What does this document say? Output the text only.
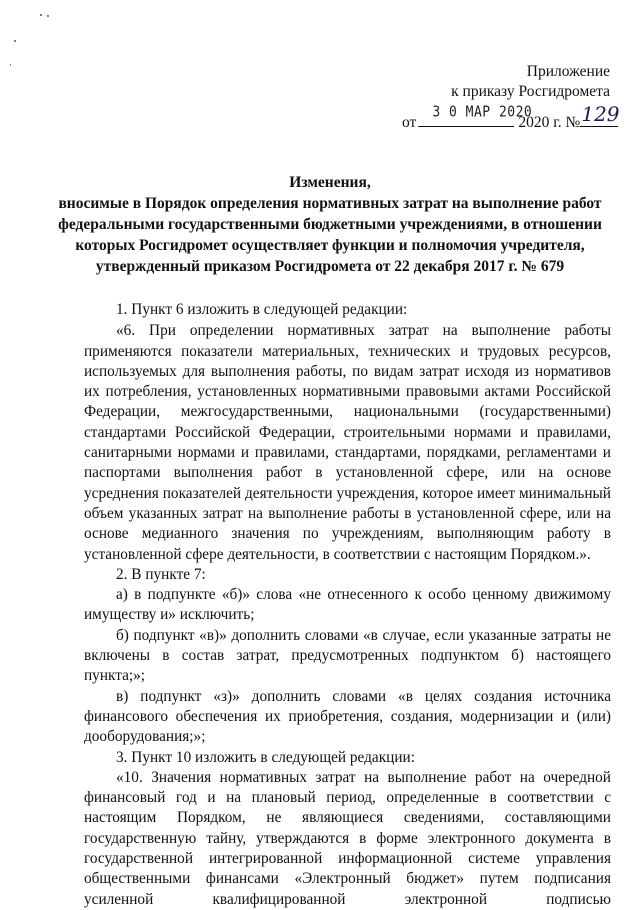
Приложение
к приказу Росгидромета
от
3 0 МАР 2020
2020 г. № 129
Изменения,
вносимые в Порядок определения нормативных затрат на выполнение работ
федеральными государственными бюджетными учреждениями, в отношении
которых Росгидромет осуществляет функции и полномочия учредителя,
утвержденный приказом Росгидромета от 22 декабря 2017 г. № 679

1. Пункт 6 изложить в следующей редакции:

«6. При определении нормативных затрат на выполнение работы применяются показатели материальных, технических и трудовых ресурсов, используемых для выполнения работы, по видам затрат исходя из нормативов их потребления, установленных нормативными правовыми актами Российской Федерации, межгосударственными, национальными (государственными) стандартами Российской Федерации, строительными нормами и правилами, санитарными нормами и правилами, стандартами, порядками, регламентами и паспортами выполнения работ в установленной сфере, или на основе усреднения показателей деятельности учреждения, которое имеет минимальный объем указанных затрат на выполнение работы в установленной сфере, или на основе медианного значения по учреждениям, выполняющим работу в установленной сфере деятельности, в соответствии с настоящим Порядком.».

2. В пункте 7:

а) в подпункте «б)» слова «не отнесенного к особо ценному движимому имуществу и» исключить;

б) подпункт «в)» дополнить словами «в случае, если указанные затраты не включены в состав затрат, предусмотренных подпунктом б) настоящего пункта;»;

в) подпункт «з)» дополнить словами «в целях создания источника финансового обеспечения их приобретения, создания, модернизации и (или) дооборудования;»;

3. Пункт 10 изложить в следующей редакции:

«10. Значения нормативных затрат на выполнение работ на очередной финансовый год и на плановый период, определенные в соответствии с настоящим Порядком, не являющиеся сведениями, составляющими государственную тайну, утверждаются в форме электронного документа в государственной интегрированной информационной системе управления общественными финансами «Электронный бюджет» путем подписания усиленной квалифицированной электронной подписью
